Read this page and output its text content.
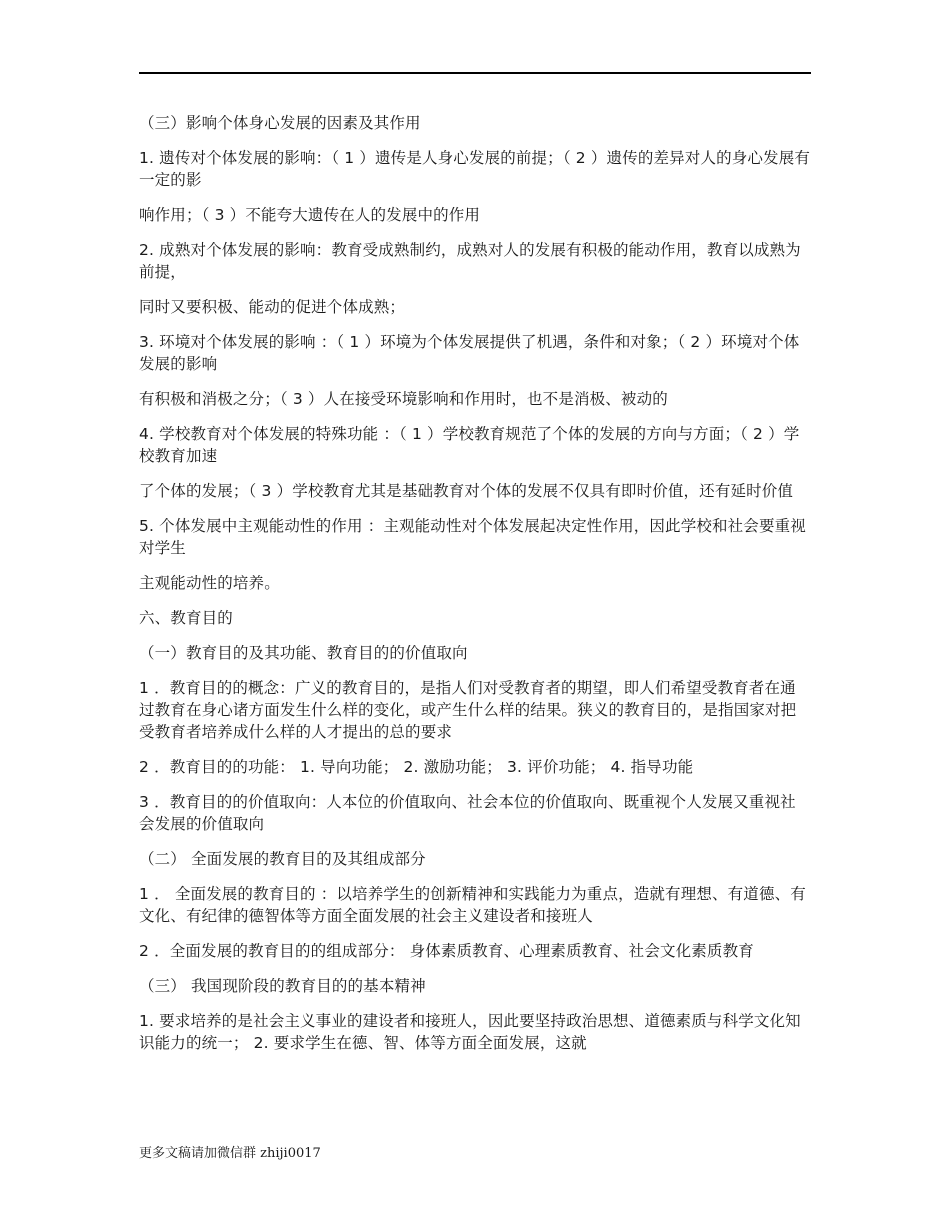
（三）影响个体身心发展的因素及其作用

1. 遗传对个体发展的影响：（ 1 ）遗传是人身心发展的前提；（ 2 ）遗传的差异对人的身心发展有一定的影

响作用；（ 3 ）不能夸大遗传在人的发展中的作用

2. 成熟对个体发展的影响：教育受成熟制约，成熟对人的发展有积极的能动作用，教育以成熟为前提，

同时又要积极、能动的促进个体成熟；

3. 环境对个体发展的影响 ：（ 1 ）环境为个体发展提供了机遇，条件和对象；（ 2 ）环境对个体发展的影响

有积极和消极之分；（ 3 ）人在接受环境影响和作用时，也不是消极、被动的

4. 学校教育对个体发展的特殊功能 ：（ 1 ）学校教育规范了个体的发展的方向与方面；（ 2 ）学校教育加速

了个体的发展；（ 3 ）学校教育尤其是基础教育对个体的发展不仅具有即时价值，还有延时价值

5. 个体发展中主观能动性的作用 ：主观能动性对个体发展起决定性作用，因此学校和社会要重视对学生

主观能动性的培养。

六、教育目的

（一）教育目的及其功能、教育目的的价值取向

1 ．教育目的的概念：广义的教育目的，是指人们对受教育者的期望，即人们希望受教育者在通过教育在身心诸方面发生什么样的变化，或产生什么样的结果。狭义的教育目的，是指国家对把受教育者培养成什么样的人才提出的总的要求

2 ．教育目的的功能： 1. 导向功能； 2. 激励功能； 3. 评价功能； 4. 指导功能

3 ．教育目的的价值取向：人本位的价值取向、社会本位的价值取向、既重视个人发展又重视社会发展的价值取向

（二） 全面发展的教育目的及其组成部分

1 ． 全面发展的教育目的 ：以培养学生的创新精神和实践能力为重点，造就有理想、有道德、有文化、有纪律的德智体等方面全面发展的社会主义建设者和接班人

2 ．全面发展的教育目的的组成部分： 身体素质教育、心理素质教育、社会文化素质教育

（三） 我国现阶段的教育目的的基本精神

1. 要求培养的是社会主义事业的建设者和接班人，因此要坚持政治思想、道德素质与科学文化知识能力的统一； 2. 要求学生在德、智、体等方面全面发展，这就

更多文稿请加微信群 zhiji0017
